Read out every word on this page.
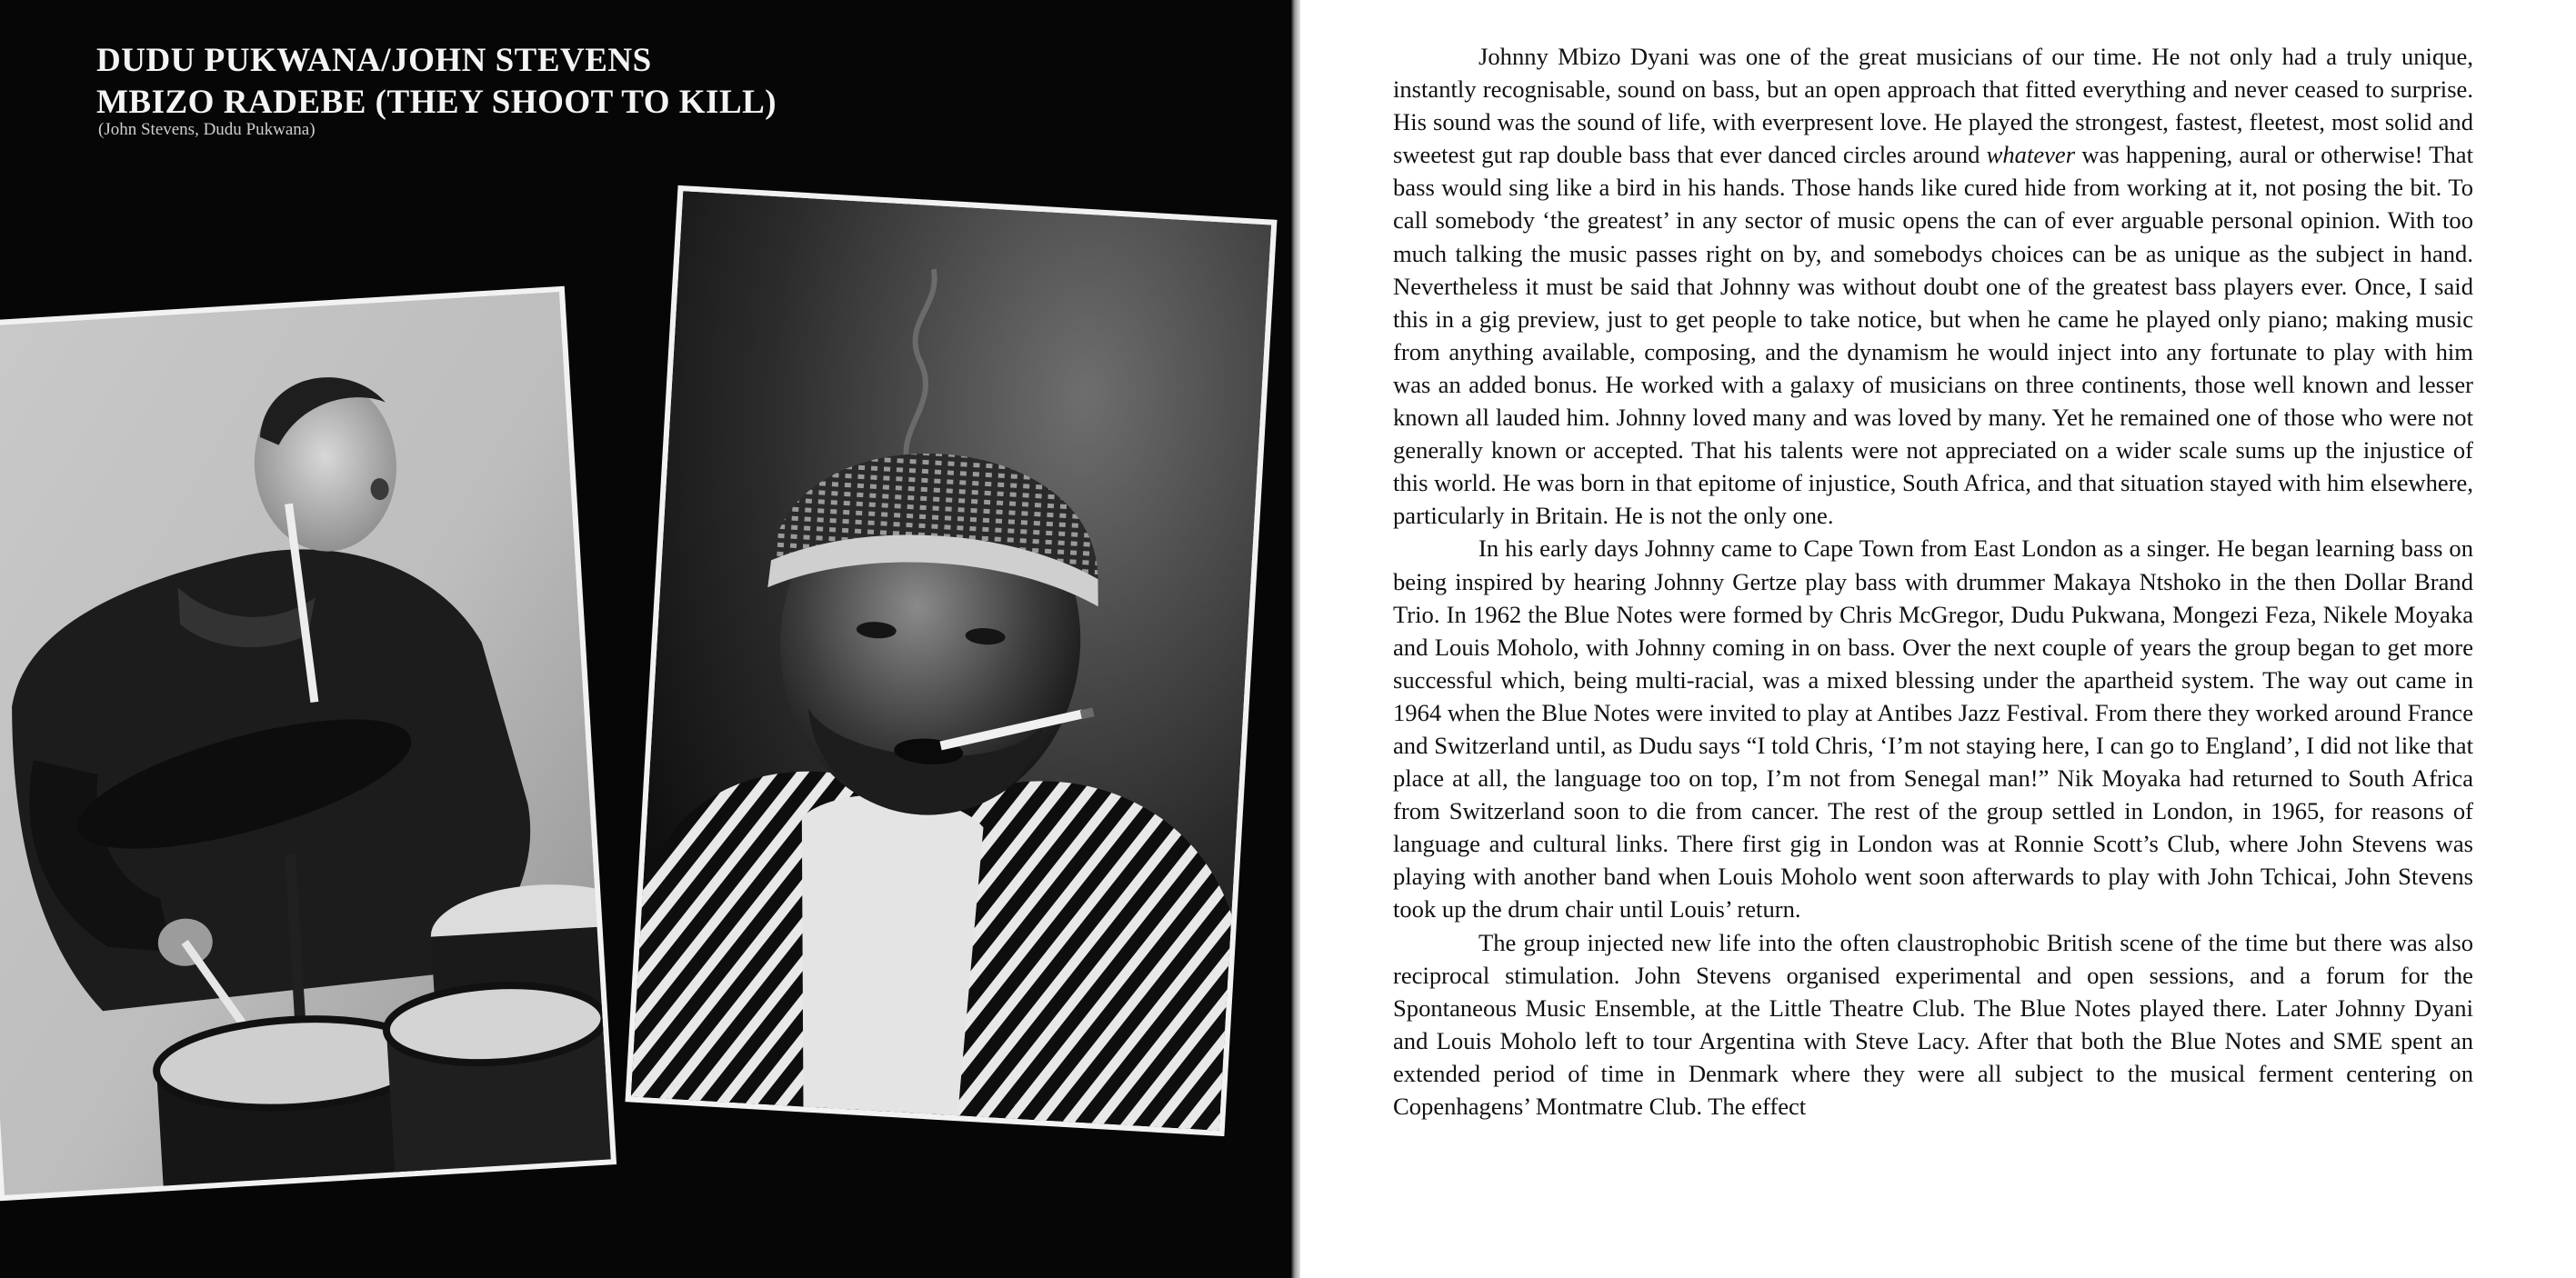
DUDU PUKWANA/JOHN STEVENS
MBIZO RADEBE (THEY SHOOT TO KILL)
(John Stevens, Dudu Pukwana)

Johnny Mbizo Dyani was one of the great musicians of our time. He not only had a truly unique, instantly recognisable, sound on bass, but an open approach that fitted everything and never ceased to surprise. His sound was the sound of life, with everpresent love. He played the strongest, fastest, fleetest, most solid and sweetest gut rap double bass that ever danced circles around whatever was happening, aural or otherwise! That bass would sing like a bird in his hands. Those hands like cured hide from working at it, not posing the bit. To call somebody ‘the greatest’ in any sector of music opens the can of ever arguable personal opinion. With too much talking the music passes right on by, and somebodys choices can be as unique as the subject in hand. Nevertheless it must be said that Johnny was without doubt one of the greatest bass players ever. Once, I said this in a gig preview, just to get people to take notice, but when he came he played only piano; making music from anything available, composing, and the dynamism he would inject into any fortunate to play with him was an added bonus. He worked with a galaxy of musicians on three continents, those well known and lesser known all lauded him. Johnny loved many and was loved by many. Yet he remained one of those who were not generally known or accepted. That his talents were not appreciated on a wider scale sums up the injustice of this world. He was born in that epitome of injustice, South Africa, and that situation stayed with him elsewhere, particularly in Britain. He is not the only one.

In his early days Johnny came to Cape Town from East London as a singer. He began learning bass on being inspired by hearing Johnny Gertze play bass with drummer Makaya Ntshoko in the then Dollar Brand Trio. In 1962 the Blue Notes were formed by Chris McGregor, Dudu Pukwana, Mongezi Feza, Nikele Moyaka and Louis Moholo, with Johnny coming in on bass. Over the next couple of years the group began to get more successful which, being multi-racial, was a mixed blessing under the apartheid system. The way out came in 1964 when the Blue Notes were invited to play at Antibes Jazz Festival. From there they worked around France and Switzerland until, as Dudu says “I told Chris, ‘I’m not staying here, I can go to England’, I did not like that place at all, the language too on top, I’m not from Senegal man!” Nik Moyaka had returned to South Africa from Switzerland soon to die from cancer. The rest of the group settled in London, in 1965, for reasons of language and cultural links. There first gig in London was at Ronnie Scott’s Club, where John Stevens was playing with another band when Louis Moholo went soon afterwards to play with John Tchicai, John Stevens took up the drum chair until Louis’ return.

The group injected new life into the often claustrophobic British scene of the time but there was also reciprocal stimulation. John Stevens organised experimental and open sessions, and a forum for the Spontaneous Music Ensemble, at the Little Theatre Club. The Blue Notes played there. Later Johnny Dyani and Louis Moholo left to tour Argentina with Steve Lacy. After that both the Blue Notes and SME spent an extended period of time in Denmark where they were all subject to the musical ferment centering on Copenhagens’ Montmatre Club. The effect
